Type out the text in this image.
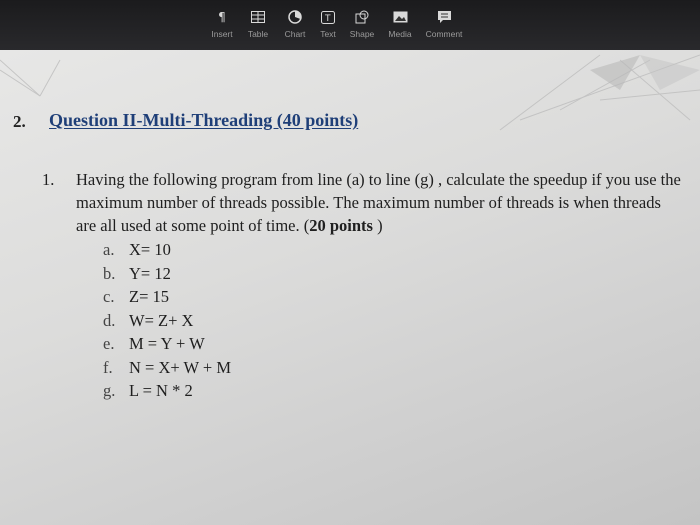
¶
Insert Table Chart
T
Text Shape Media Comment
2. Question II-Multi-Threading (40 points)
1. Having the following program from line (a) to line (g) , calculate the speedup if you use the maximum number of threads possible. The maximum number of threads is when threads are all used at some point of time. (20 points )
a. X= 10
b. Y= 12
c. Z= 15
d. W= Z+ X
e. M = Y + W
f. N = X+ W + M
g. L = N * 2
